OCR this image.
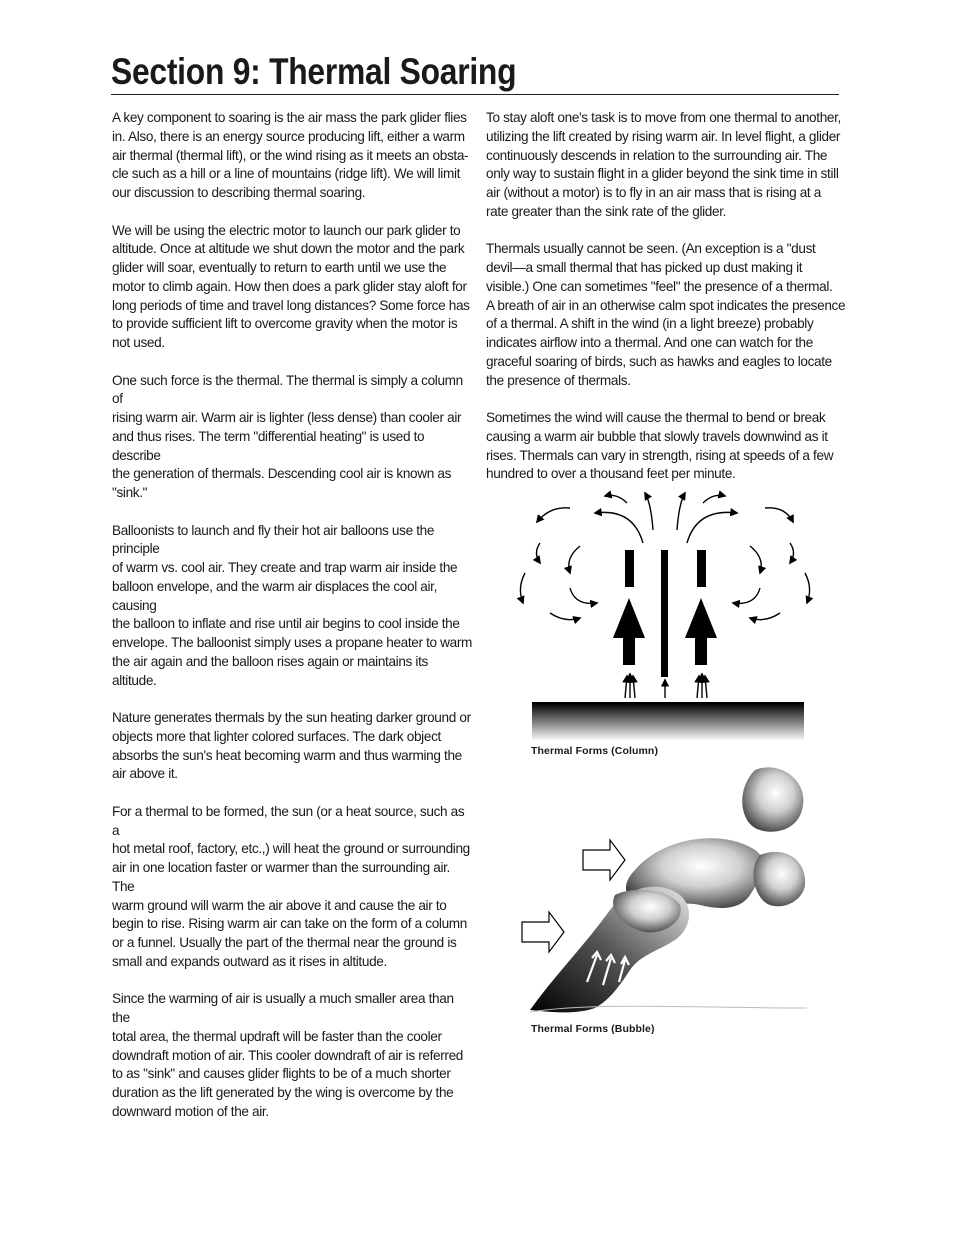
Section 9: Thermal Soaring

A key component to soaring is the air mass the park glider flies
in. Also, there is an energy source producing lift, either a warm
air thermal (thermal lift), or the wind rising as it meets an obsta-
cle such as a hill or a line of mountains (ridge lift). We will limit
our discussion to describing thermal soaring.

We will be using the electric motor to launch our park glider to
altitude. Once at altitude we shut down the motor and the park
glider will soar, eventually to return to earth until we use the
motor to climb again. How then does a park glider stay aloft for
long periods of time and travel long distances? Some force has
to provide sufficient lift to overcome gravity when the motor is
not used.

One such force is the thermal. The thermal is simply a column of
rising warm air. Warm air is lighter (less dense) than cooler air
and thus rises. The term "differential heating" is used to describe
the generation of thermals. Descending cool air is known as "sink."

Balloonists to launch and fly their hot air balloons use the principle
of warm vs. cool air. They create and trap warm air inside the
balloon envelope, and the warm air displaces the cool air, causing
the balloon to inflate and rise until air begins to cool inside the
envelope. The balloonist simply uses a propane heater to warm
the air again and the balloon rises again or maintains its altitude.

Nature generates thermals by the sun heating darker ground or
objects more that lighter colored surfaces. The dark object
absorbs the sun's heat becoming warm and thus warming the
air above it.

For a thermal to be formed, the sun (or a heat source, such as a
hot metal roof, factory, etc.,) will heat the ground or surrounding
air in one location faster or warmer than the surrounding air. The
warm ground will warm the air above it and cause the air to
begin to rise. Rising warm air can take on the form of a column
or a funnel. Usually the part of the thermal near the ground is
small and expands outward as it rises in altitude.

Since the warming of air is usually a much smaller area than the
total area, the thermal updraft will be faster than the cooler
downdraft motion of air. This cooler downdraft of air is referred
to as "sink" and causes glider flights to be of a much shorter
duration as the lift generated by the wing is overcome by the
downward motion of the air.

To stay aloft one's task is to move from one thermal to another,
utilizing the lift created by rising warm air. In level flight, a glider
continuously descends in relation to the surrounding air. The
only way to sustain flight in a glider beyond the sink time in still
air (without a motor) is to fly in an air mass that is rising at a
rate greater than the sink rate of the glider.

Thermals usually cannot be seen. (An exception is a "dust
devil—a small thermal that has picked up dust making it
visible.) One can sometimes "feel" the presence of a thermal.
A breath of air in an otherwise calm spot indicates the presence
of a thermal. A shift in the wind (in a light breeze) probably
indicates airflow into a thermal. And one can watch for the
graceful soaring of birds, such as hawks and eagles to locate
the presence of thermals.

Sometimes the wind will cause the thermal to bend or break
causing a warm air bubble that slowly travels downwind as it
rises. Thermals can vary in strength, rising at speeds of a few
hundred to over a thousand feet per minute.

Thermal Forms (Column)
Thermal Forms (Bubble)
